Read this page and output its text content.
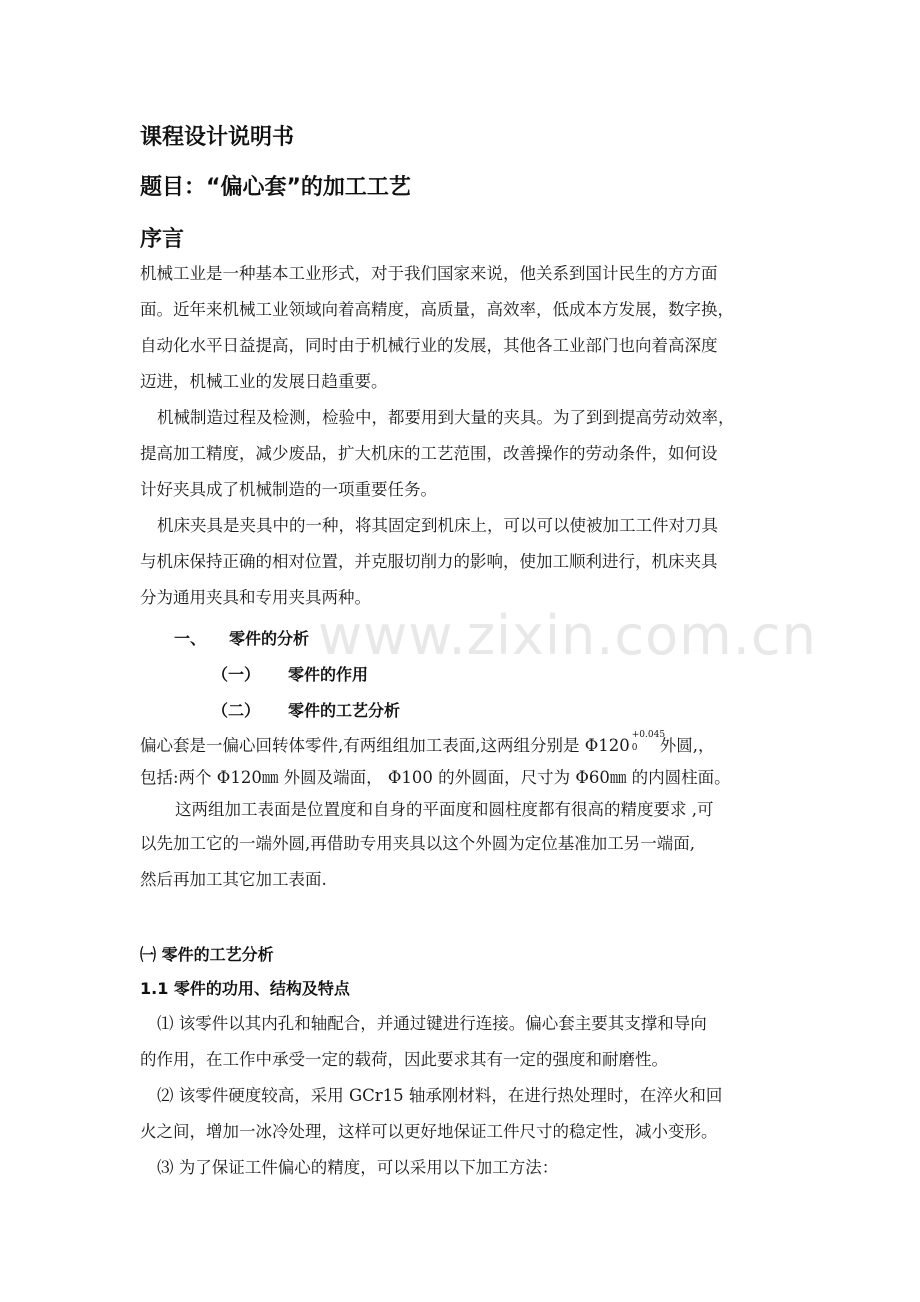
www.zixin.com.cn
课程设计说明书
题目：“偏心套”的加工工艺
序言
机械工业是一种基本工业形式，对于我们国家来说，他关系到国计民生的方方面
面。近年来机械工业领域向着高精度，高质量，高效率，低成本方发展，数字换，
自动化水平日益提高，同时由于机械行业的发展，其他各工业部门也向着高深度
迈进，机械工业的发展日趋重要。
机械制造过程及检测，检验中，都要用到大量的夹具。为了到到提高劳动效率，
提高加工精度，减少废品，扩大机床的工艺范围，改善操作的劳动条件，如何设
计好夹具成了机械制造的一项重要任务。
机床夹具是夹具中的一种，将其固定到机床上，可以可以使被加工工件对刀具
与机床保持正确的相对位置，并克服切削力的影响，使加工顺利进行，机床夹具
分为通用夹具和专用夹具两种。
一、 零件的分析
（一） 零件的作用
（二） 零件的工艺分析
偏心套是一偏心回转体零件,有两组组加工表面,这两组分别是 Φ120
+0.045
0 外圆,，
包括:两个 Φ120㎜ 外圆及端面， Φ100 的外圆面，尺寸为 Φ60㎜ 的内圆柱面。
这两组加工表面是位置度和自身的平面度和圆柱度都有很高的精度要求 ,可
以先加工它的一端外圆,再借助专用夹具以这个外圆为定位基准加工另一端面,
然后再加工其它加工表面.
㈠ 零件的工艺分析
1.1 零件的功用、结构及特点
⑴ 该零件以其内孔和轴配合，并通过键进行连接。偏心套主要其支撑和导向
的作用，在工作中承受一定的载荷，因此要求其有一定的强度和耐磨性。
⑵ 该零件硬度较高，采用 GCr15 轴承刚材料，在进行热处理时，在淬火和回
火之间，增加一冰冷处理，这样可以更好地保证工件尺寸的稳定性，减小变形。
⑶ 为了保证工件偏心的精度，可以采用以下加工方法：
